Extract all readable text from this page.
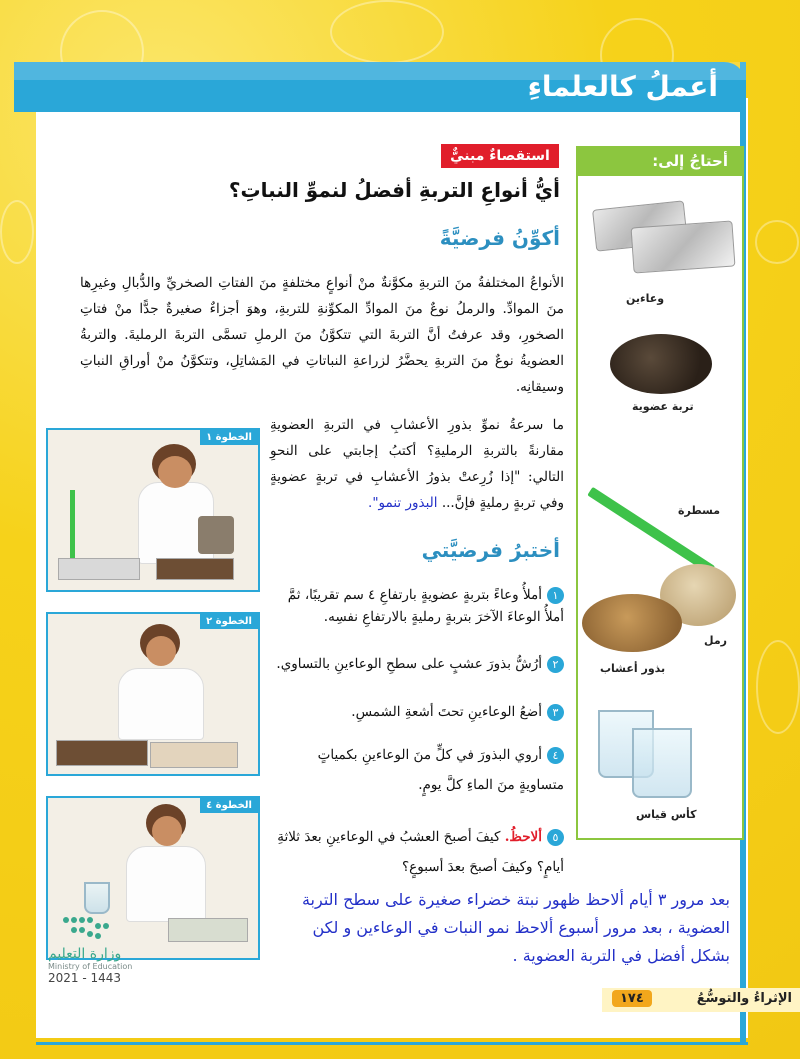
أعملُ كالعلماءِ
أحتاجُ إلى:
وعاءين
تربة عضوية
مسطرة
رمل
بذور أعشاب
كأس قياس
استقصاءٌ مبنيٌّ
أيُّ أنواعِ التربةِ أفضلُ لنموِّ النباتِ؟
أكوِّنُ فرضيَّةً
الأنواعُ المختلفةُ منَ التربةِ مكوَّنةٌ منْ أنواعٍ مختلفةٍ منَ الفتاتِ الصخريِّ والدُّبالِ وغيرِها منَ الموادِّ. والرملُ نوعٌ منَ الموادِّ المكوِّنةِ للتربةِ، وهوَ أجزاءٌ صغيرةٌ جدًّا منْ فتاتِ الصخورِ، وقد عرفتُ أنَّ التربةَ التي تتكوَّنُ منَ الرملِ تسمَّى التربةَ الرمليةَ. والتربةُ العضويةُ نوعٌ منَ التربةِ يحضَّرُ لزراعةِ النباتاتِ في المَشاتِلِ، وتتكوَّنُ منْ أوراقِ النباتِ وسيقانِه.
ما سرعةُ نموِّ بذورِ الأعشابِ في التربةِ العضويةِ مقارنةً بالتربةِ الرمليةِ؟ أكتبُ إجابتي على النحوِ التالي: "إذا زُرِعتْ بذورُ الأعشابِ في تربةٍ عضويةٍ وفي تربةٍ رمليةٍ فإنَّ... البذور تنمو".
أختبرُ فرضيَّتي
١أملأُ وعاءً بتربةٍ عضويةٍ بارتفاعِ ٤ سم تقريبًا، ثمَّ أملأُ الوعاءَ الآخرَ بتربةٍ رمليةٍ بالارتفاعِ نفسِه.
٢أرُشُّ بذورَ عشبٍ على سطحِ الوعاءينِ بالتساوي.
٣أضعُ الوعاءينِ تحتَ أشعةِ الشمسِ.
٤أروي البذورَ في كلٍّ منَ الوعاءينِ بكمياتٍ متساويةٍ منَ الماءِ كلَّ يومٍ.
٥ألاحظُ. كيفَ أصبحَ العشبُ في الوعاءينِ بعدَ ثلاثةِ أيامٍ؟ وكيفَ أصبحَ بعدَ أسبوعٍ؟
بعد مرور ٣ أيام ألاحظ ظهور نبتة خضراء صغيرة على سطح التربة العضوية ، بعد مرور أسبوع ألاحظ نمو النبات في الوعاءين و لكن بشكل أفضل في التربة العضوية .
الخطوة ١
الخطوة ٢
الخطوة ٤
وزارة التعليم
Ministry of Education
2021 - 1443
الإثراءُ والتوسُّعُ
١٧٤
